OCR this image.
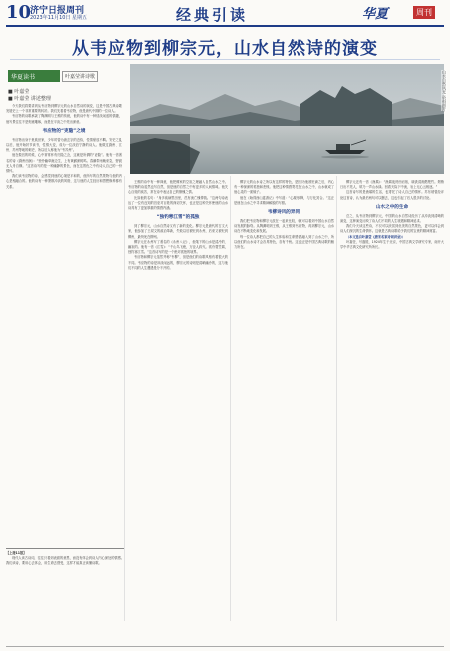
10
济宁日报周刊
2023年11月10日 星期五	经典引读	华夏	周刊
从韦应物到柳宗元，山水自然诗的演变
华夏读书	叶嘉莹讲诗歌
■ 叶嘉莹
■ 叶嘉莹 讲述整理	山水自然风光 资料图片

今天我们将要讲到从韦应物到柳宗元的山水自然诗的演变，这是中国古典诗歌发展史上一个非常重要的转折。我们先看看韦应物，他是唐代中期的一位诗人。

韦应物的诗歌承袭了陶渊明与王维的传统，他的诗中有一种恬淡闲适的情趣，他写景往往不是刻意雕琢，而是在平淡之中见出深意。

韦应物的“吏隐”之境

韦应物出身于贵族世家，少年时曾为唐玄宗的近侍，性情豪放不羁。安史之乱以后，他开始折节读书，性情大变，成为一位淡泊宁静的诗人。他做过滁州、江州、苏州等地的刺史，所以后人称他为“韦苏州”。

他在做官的时候，心中常常怀有归隐之念，这就是所谓的“吏隐”。他有一首著名的诗《滁州西涧》：“独怜幽草涧边生，上有黄鹂深树鸣。春潮带雨晚来急，野渡无人舟自横。”这首诗写的是一种幽静的景色，而在这景色之中有诗人自己的一份情怀。

我们读韦应物的诗，会感觉到他的心境是平和的，他所写的自然景物与他的内心是相融合的。他的诗有一种萧散冲淡的风格，这与他的人生经历和思想修养都有关系。

王维的诗中有一种禅意，他把佛家的空寂之理融入自然山水之中。韦应物的诗虽然也写自然，但是他的自然之中有更多的人间情味。他关心百姓的疾苦，常在诗中表达自己的惭愧之情。

比如他的名句：“身多疾病思田里，邑有流亡愧俸钱。”这两句诗表达了一位有良知的官吏对百姓的深切关怀，也正是这种关怀使他的山水诗具有了更加厚重的情感内涵。

“独钓寒江雪”的孤独

到了柳宗元，山水自然诗又有了新的变化。柳宗元是唐代的古文大家，他参加了王叔文的政治革新，失败以后被贬到永州，后来又被贬到柳州，最终死在柳州。

柳宗元在永州写了著名的《永州八记》，他笔下的山水是清冷的、幽寂的。他有一首《江雪》：“千山鸟飞绝，万径人踪灭。孤舟蓑笠翁，独钓寒江雪。”这首诗写的是一个绝对孤独的境界。

韦应物和柳宗元虽然并称“韦柳”，但是他们的诗歌风格有着很大的不同。韦应物的诗是冲淡闲远的，柳宗元的诗则是清峭幽冷的，这与他们不同的人生遭遇是分不开的。

柳宗元的山水诗之所以有这样的特色，是因为他被贬谪之后，内心有一种深深的孤独和悲愤。他把这种情感寄托在山水之中，山水就成了他心灵的一面镜子。

他在《始得西山宴游记》中写道：“心凝形释，与万化冥合。”这正是他在山水之中寻求精神解脱的写照。

韦柳诗风的异同

我们把韦应物和柳宗元放在一起来比较，就可以看到中国山水自然诗发展的脉络。从陶渊明到王维，从王维到韦应物，再到柳宗元，山水诗在不断地变化和发展。

每一位诗人都把自己的人生体验和生命感悟融入到了山水之中，所以他们的山水诗才会各具特色，各有千秋。这也正是中国古典诗歌的魅力所在。

柳宗元还有一首《渔翁》：“渔翁夜傍西岩宿，晓汲清湘燃楚竹。烟销日出不见人，欸乃一声山水绿。回看天际下中流，岩上无心云相逐。”

这首诗写的是渔翁的生活，也寄托了诗人自己的情怀。苏东坡曾经评论这首诗，认为最后两句可以删去，这也引起了后人很多的讨论。

山水之中的生命

总之，从韦应物到柳宗元，中国的山水自然诗经历了从冲淡到清峭的演变，这种演变反映了诗人们不同的人生境遇和精神追求。

我们今天读这些诗，不仅可以欣赏到优美的自然景色，更可以体会到诗人们深沉的生命情怀。这就是古典诗歌给予我们的宝贵的精神财富。

（本文选自叶嘉莹《唐宋名家诗词讲录》）

叶嘉莹，号迦陵，1924年生于北京，中国古典文学研究专家，南开大学中华古典文化研究所所长。

【上接11版】

现代人读古诗词，往往只看到表面的意思，而没有体会到诗人内心深处的情感。我们读诗，要用心去体会，用生命去感受，这样才能真正读懂诗歌。
